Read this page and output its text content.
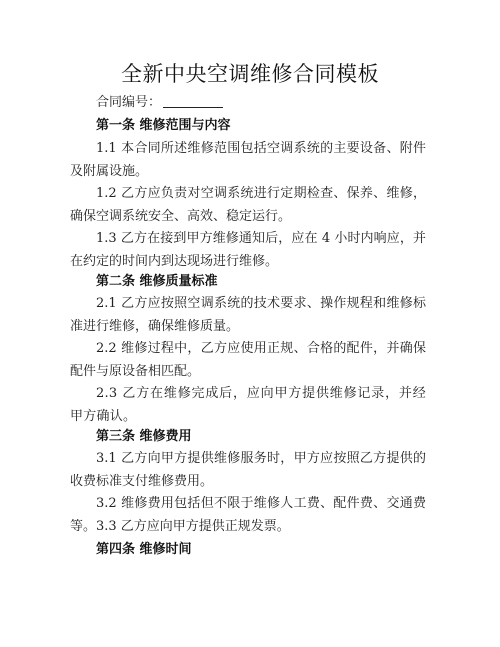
全新中央空调维修合同模板
合同编号：
第一条 维修范围与内容

1.1 本合同所述维修范围包括空调系统的主要设备、附件及附属设施。

1.2 乙方应负责对空调系统进行定期检查、保养、维修，确保空调系统安全、高效、稳定运行。

1.3 乙方在接到甲方维修通知后，应在 4 小时内响应，并在约定的时间内到达现场进行维修。

第二条 维修质量标准

2.1 乙方应按照空调系统的技术要求、操作规程和维修标准进行维修，确保维修质量。

2.2 维修过程中，乙方应使用正规、合格的配件，并确保配件与原设备相匹配。

2.3 乙方在维修完成后，应向甲方提供维修记录，并经甲方确认。

第三条 维修费用

3.1 乙方向甲方提供维修服务时，甲方应按照乙方提供的收费标准支付维修费用。

3.2 维修费用包括但不限于维修人工费、配件费、交通费等。 3.3 乙方应向甲方提供正规发票。

第四条 维修时间
